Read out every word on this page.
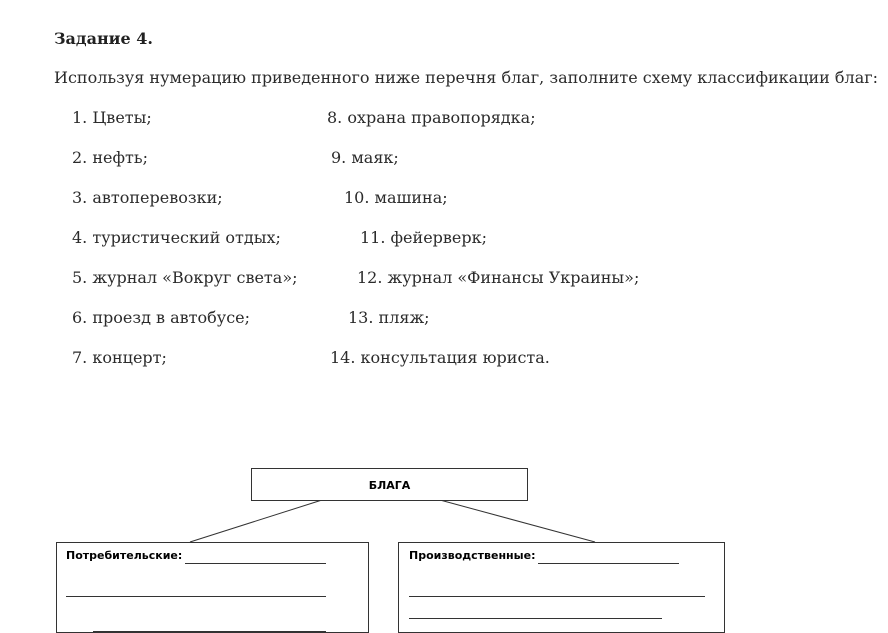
Задание 4.
Используя нумерацию приведенного ниже перечня благ, заполните схему классификации благ:
1. Цветы;
2. нефть;
3. автоперевозки;
4. туристический отдых;
5. журнал «Вокруг света»;
6. проезд в автобусе;
7. концерт;
8. охрана правопорядка;
9. маяк;
10. машина;
11. фейерверк;
12. журнал «Финансы Украины»;
13. пляж;
14. консультация юриста.
БЛАГА
Потребительские:	Производственные:
